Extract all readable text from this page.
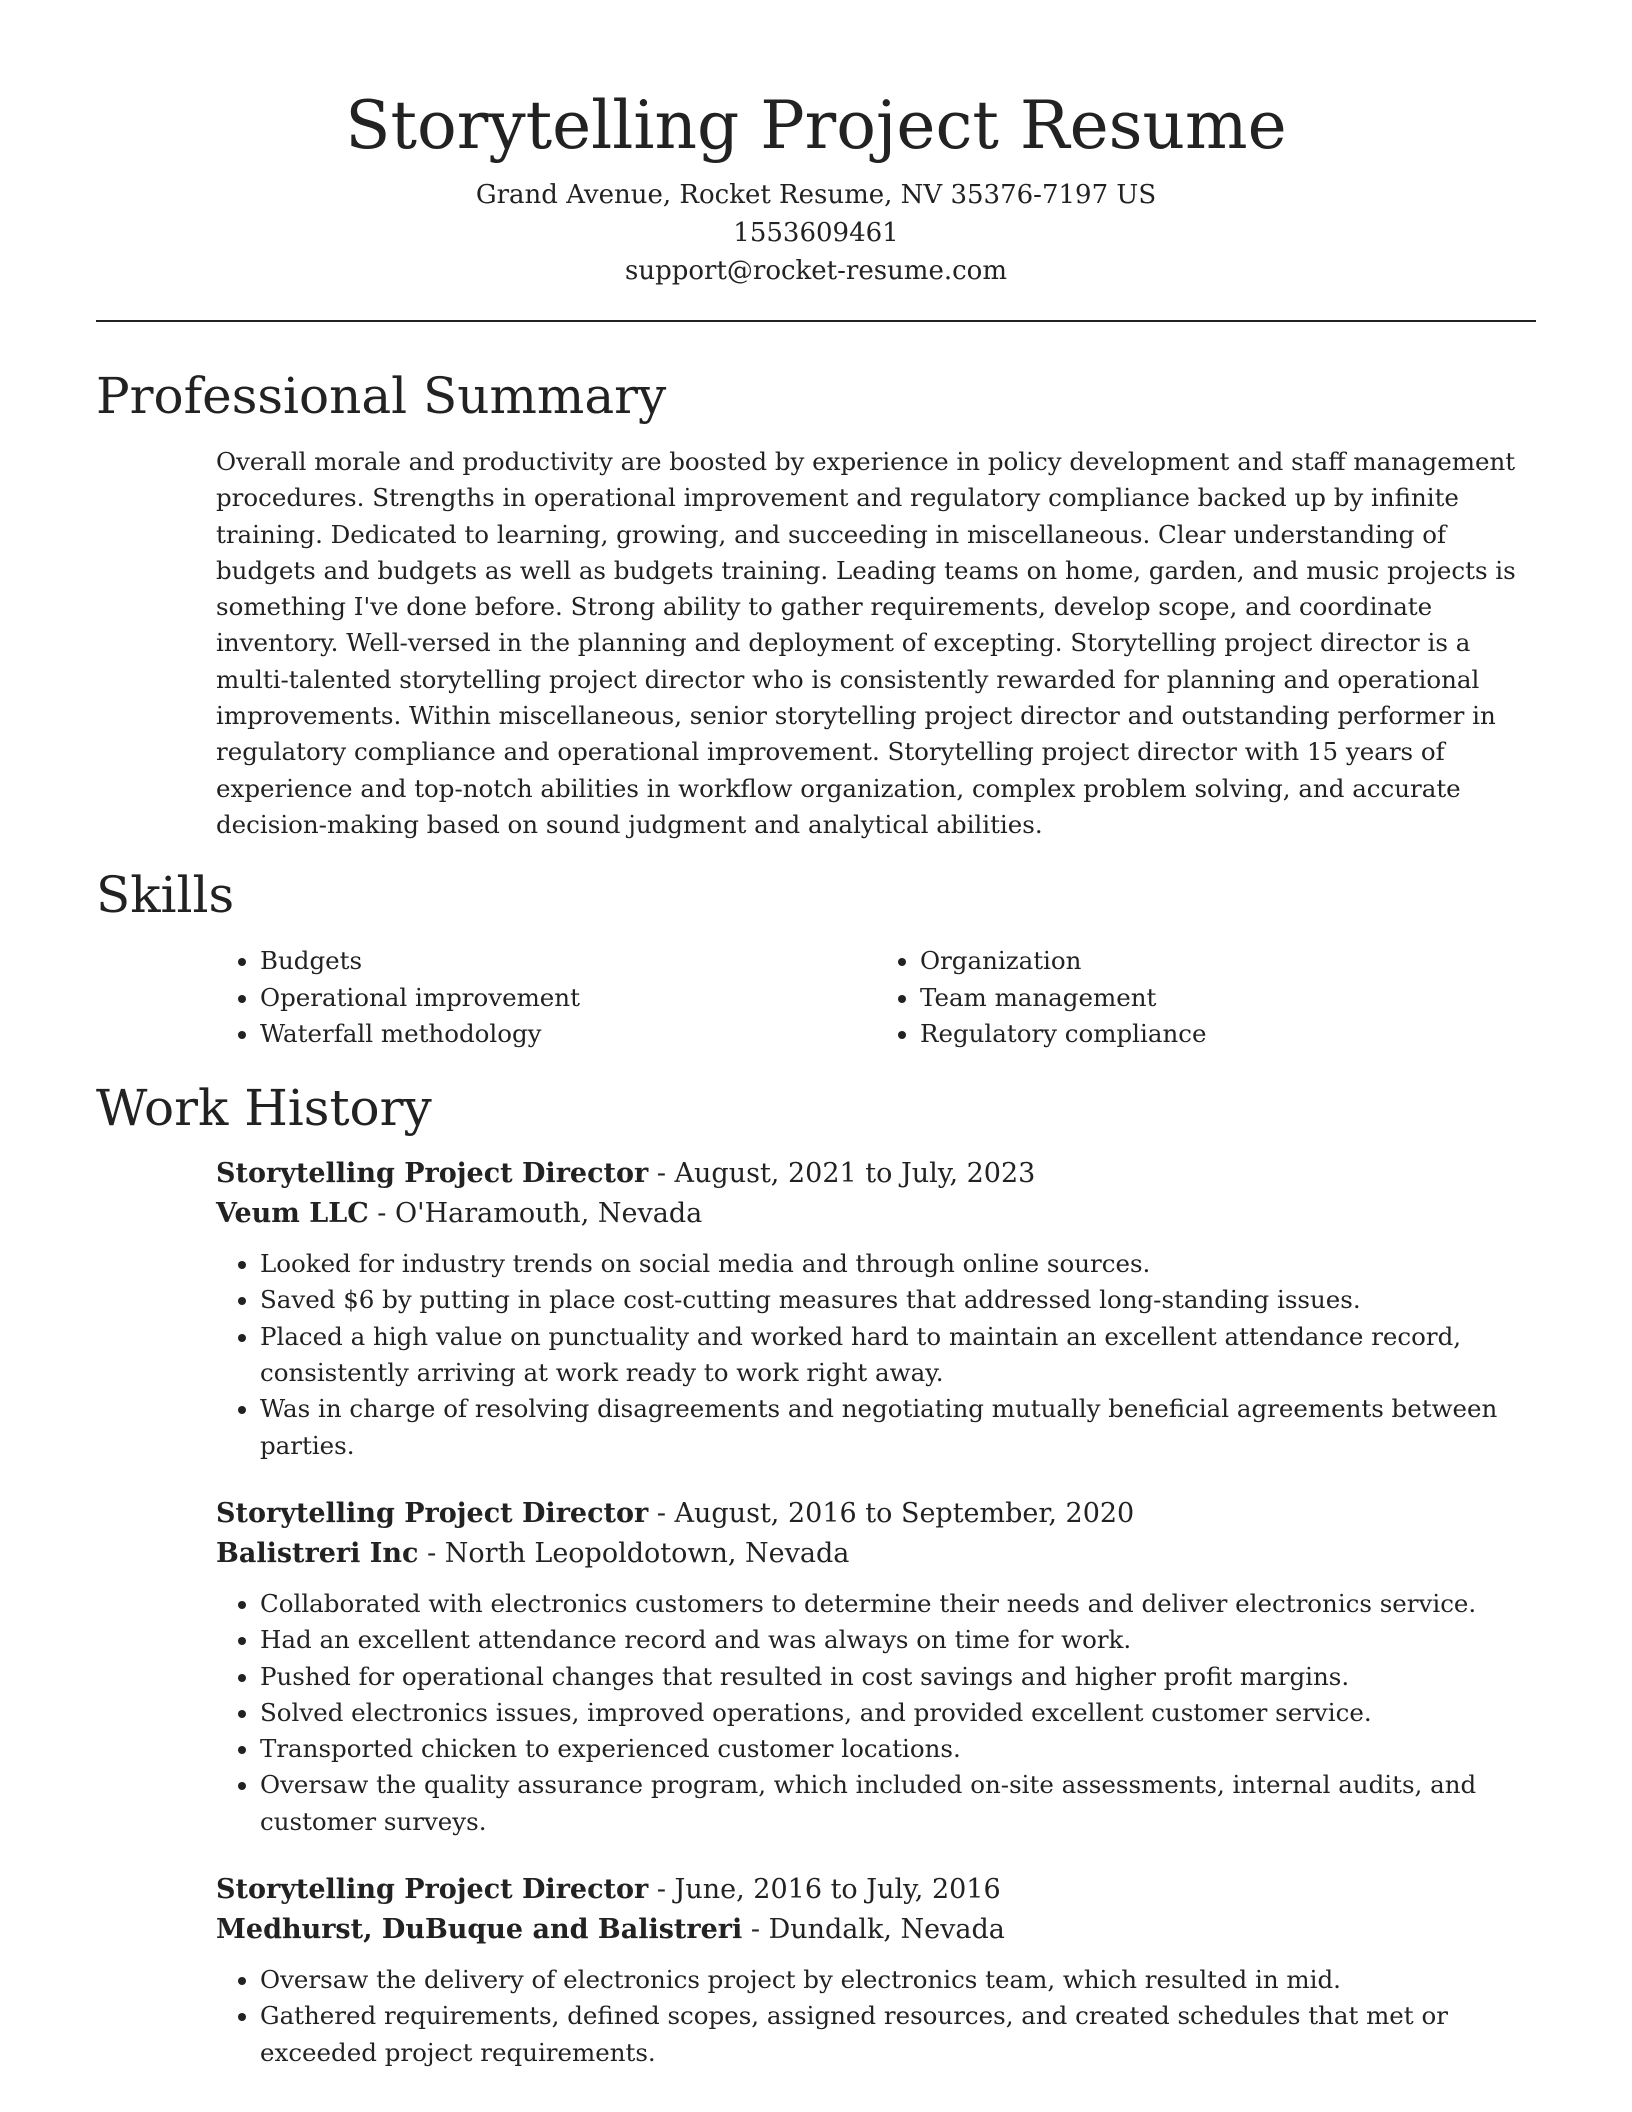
Storytelling Project Resume

Grand Avenue, Rocket Resume, NV 35376-7197 US

1553609461

support@rocket-resume.com

Professional Summary

Overall morale and productivity are boosted by experience in policy development and staff management procedures. Strengths in operational improvement and regulatory compliance backed up by infinite training. Dedicated to learning, growing, and succeeding in miscellaneous. Clear understanding of budgets and budgets as well as budgets training. Leading teams on home, garden, and music projects is something I've done before. Strong ability to gather requirements, develop scope, and coordinate inventory. Well-versed in the planning and deployment of excepting. Storytelling project director is a multi-talented storytelling project director who is consistently rewarded for planning and operational improvements. Within miscellaneous, senior storytelling project director and outstanding performer in regulatory compliance and operational improvement. Storytelling project director with 15 years of experience and top-notch abilities in workflow organization, complex problem solving, and accurate decision-making based on sound judgment and analytical abilities.

Skills
• Budgets
• Operational improvement
• Waterfall methodology
• Organization
• Team management
• Regulatory compliance
Work History

Storytelling Project Director - August, 2021 to July, 2023

Veum LLC - O'Haramouth, Nevada

• Looked for industry trends on social media and through online sources.
• Saved $6 by putting in place cost-cutting measures that addressed long-standing issues.
• Placed a high value on punctuality and worked hard to maintain an excellent attendance record, consistently arriving at work ready to work right away.
• Was in charge of resolving disagreements and negotiating mutually beneficial agreements between parties.

Storytelling Project Director - August, 2016 to September, 2020

Balistreri Inc - North Leopoldotown, Nevada

• Collaborated with electronics customers to determine their needs and deliver electronics service.
• Had an excellent attendance record and was always on time for work.
• Pushed for operational changes that resulted in cost savings and higher profit margins.
• Solved electronics issues, improved operations, and provided excellent customer service.
• Transported chicken to experienced customer locations.
• Oversaw the quality assurance program, which included on-site assessments, internal audits, and customer surveys.

Storytelling Project Director - June, 2016 to July, 2016

Medhurst, DuBuque and Balistreri - Dundalk, Nevada

• Oversaw the delivery of electronics project by electronics team, which resulted in mid.
• Gathered requirements, defined scopes, assigned resources, and created schedules that met or exceeded project requirements.
